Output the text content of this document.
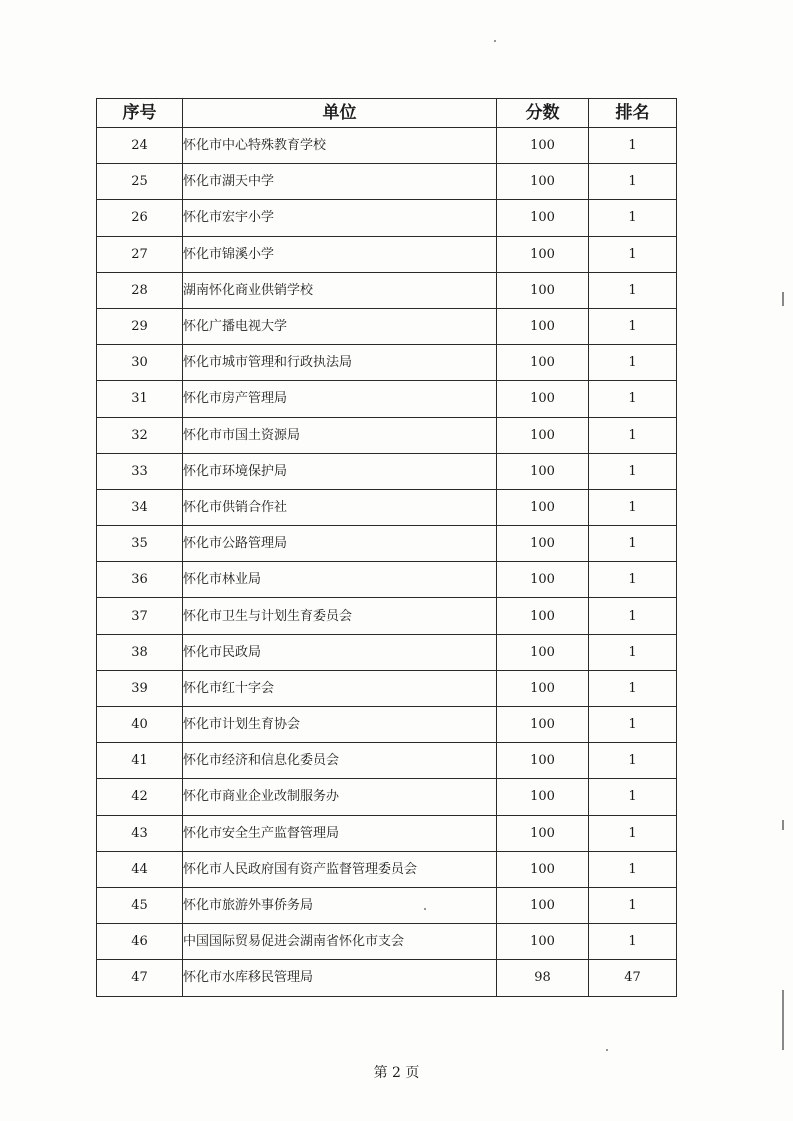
序号	单位	分数	排名
24	怀化市中心特殊教育学校	100	1
25	怀化市湖天中学	100	1
26	怀化市宏宇小学	100	1
27	怀化市锦溪小学	100	1
28	湖南怀化商业供销学校	100	1
29	怀化广播电视大学	100	1
30	怀化市城市管理和行政执法局	100	1
31	怀化市房产管理局	100	1
32	怀化市市国土资源局	100	1
33	怀化市环境保护局	100	1
34	怀化市供销合作社	100	1
35	怀化市公路管理局	100	1
36	怀化市林业局	100	1
37	怀化市卫生与计划生育委员会	100	1
38	怀化市民政局	100	1
39	怀化市红十字会	100	1
40	怀化市计划生育协会	100	1
41	怀化市经济和信息化委员会	100	1
42	怀化市商业企业改制服务办	100	1
43	怀化市安全生产监督管理局	100	1
44	怀化市人民政府国有资产监督管理委员会	100	1
45	怀化市旅游外事侨务局	100	1
46	中国国际贸易促进会湖南省怀化市支会	100	1
47	怀化市水库移民管理局	98	47
第 2 页
